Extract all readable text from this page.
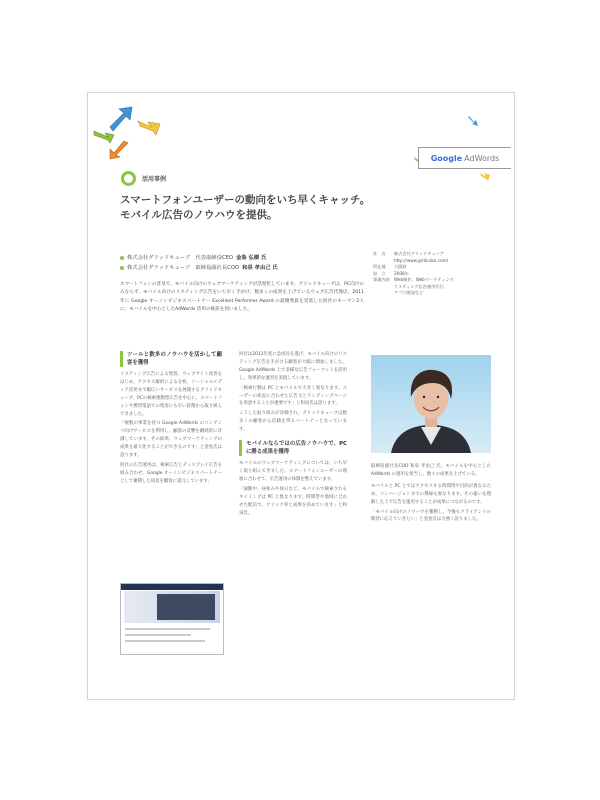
Google AdWords
活用事例
スマートフォンユーザーの動向をいち早くキャッチ。
モバイル広告のノウハウを提供。
株式会社グリッドキューブ　代表取締役CEO 金島 弘樹 氏
株式会社グリッドキューブ　取締役副社長COO 和泉 孝由己 氏
社　名	株式会社グリッドキューブ
http://www.gridcube.com/
所在地	大阪府
設　立	2008年
事業内容 Web制作、Webマーケティング、
リスティング広告運用代行、
アプリ開発など
スマートフォンの普及で、モバイル向けのウェブマーケティングが活発化しています。グリッドキューブは、PC向けのみならず、モバイル向けのリスティング広告をいち早く手がけ、数多くの成果を上げているウェブ広告代理店。2011年に Google オーノンビジネスパートナー Excellent Performer Award の最優秀賞を受賞した同社のキーマン2人に、モバイルを中心としたAdWords 活用の秘訣を伺いました。
ツールと数多のノウハウを活かして顧客を獲得

リスティング広告による集客、ウェブサイト改善をはじめ、アクセス解析による分析、ソーシャルメディア活用まで幅広いサービスを展開するグリッドキューブ。PCの検索連動型広告を中心に、スマートフォンや携帯電話での集客にも早い段階から取り組んできました。

「複数の事業を持つ Google AdWords のコンテンツ向けサービスを利用し、顧客の反響を継続的に計測しています。その結果、ウェブマーケティングの成果を最大化することができるのです」と金島氏は語ります。

同社の広告運用は、検索広告とディスプレイ広告を組み合わせ、Google オーノンビジネスパートナーとして蓄積した知見を顧客に還元しています。

同社は2011年度に急成長を遂げ、モバイル向けのリスティング広告を手がける顧客が大幅に増加しました。Google AdWords 上で多様な広告フォーマットを活用し、効果的な運用を実現しています。

「検索行動は PC とモバイルで大きく異なります。ユーザーの状況に合わせた広告文とランディングページを用意することが重要です」と和泉氏は語ります。

こうした取り組みが評価され、グリッドキューブは数多くの顧客から信頼を得るパートナーとなっています。

モバイルならではの広告ノウハウで、PCに勝る成果を獲得

モバイルのウェブマーケティングについては、いち早く取り組んできました。スマートフォンユーザーの増加に合わせて、広告運用の体制を整えています。

「通勤中、昼休みや休日など、モバイルで検索されるタイミングは PC と異なります。時間帯や地域に合わせた配信で、クリック率と成果を高めています」と和泉氏。

取締役副社長COO 和泉 孝由己 氏。モバイルを中心としたAdWords の運用を担当し、数々の成果を上げている。

モバイルと PC とではアクセスする時間帯や目的が異なるため、コンバージョンまでの導線も異なります。その違いを理解した上で広告を運用することが成果につながるのです。

「モバイル向けのノウハウを蓄積し、今後もクライアントの期待に応えていきたい」と金島氏は力強く語りました。
